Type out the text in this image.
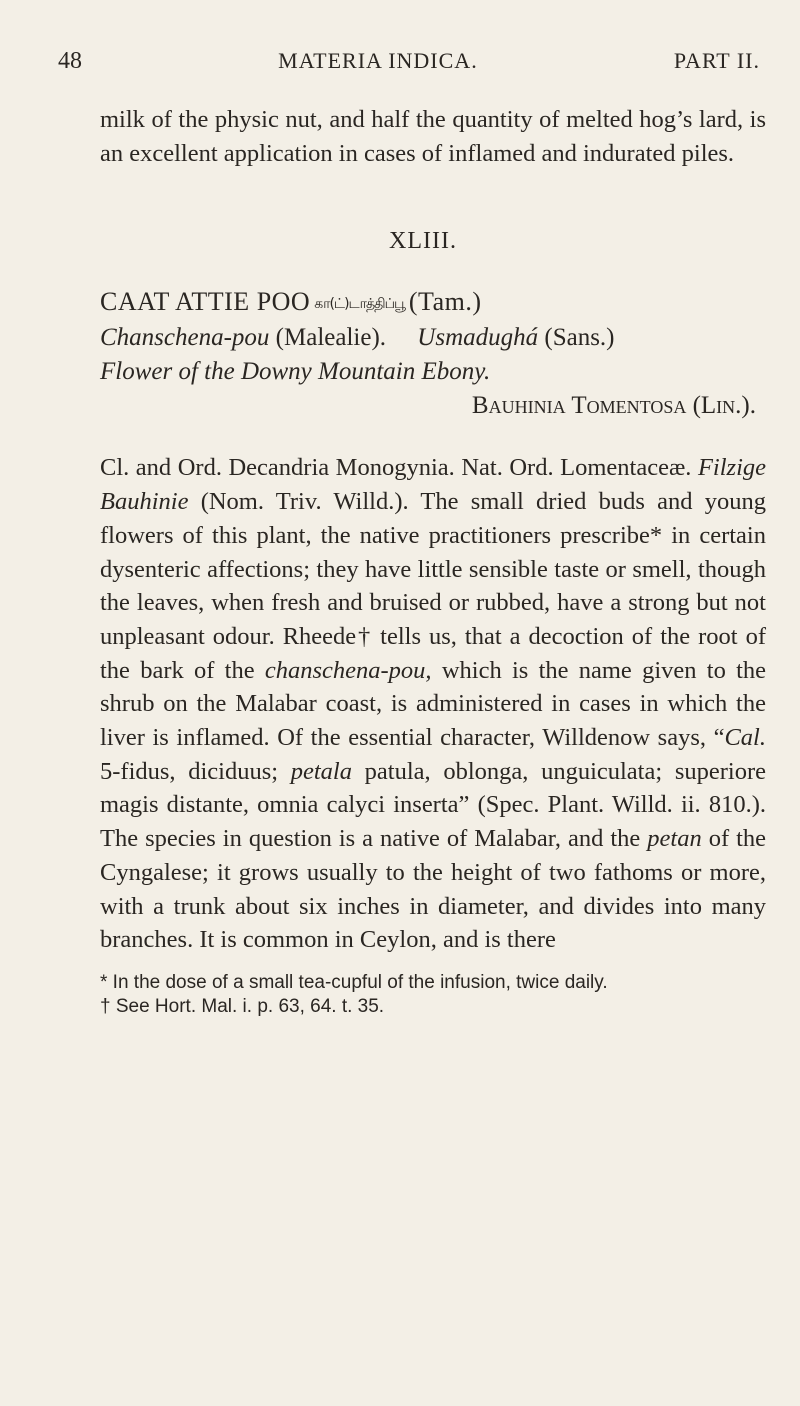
48	MATERIA INDICA.	PART II.

milk of the physic nut, and half the quantity of melted hog’s lard, is an excellent application in cases of inflamed and indurated piles.

XLIII.
CAAT ATTIE POO கா(ட்)டாத்திப்பூ (Tam.)
Chanschena-pou (Malealie). Usmadughá (Sans.)
Flower of the Downy Mountain Ebony.
Bauhinia Tomentosa (Lin.).

Cl. and Ord. Decandria Monogynia. Nat. Ord. Lomentaceæ. Filzige Bauhinie (Nom. Triv. Willd.). The small dried buds and young flowers of this plant, the native practitioners prescribe* in certain dysenteric affections; they have little sensible taste or smell, though the leaves, when fresh and bruised or rubbed, have a strong but not unpleasant odour. Rheede† tells us, that a decoction of the root of the bark of the chanschena-pou, which is the name given to the shrub on the Malabar coast, is administered in cases in which the liver is inflamed. Of the essential character, Willdenow says, “Cal. 5-fidus, diciduus; petala patula, oblonga, unguiculata; superiore magis distante, omnia calyci inserta” (Spec. Plant. Willd. ii. 810.). The species in question is a native of Malabar, and the petan of the Cyngalese; it grows usually to the height of two fathoms or more, with a trunk about six inches in diameter, and divides into many branches. It is common in Ceylon, and is there

* In the dose of a small tea-cupful of the infusion, twice daily.
† See Hort. Mal. i. p. 63, 64. t. 35.
